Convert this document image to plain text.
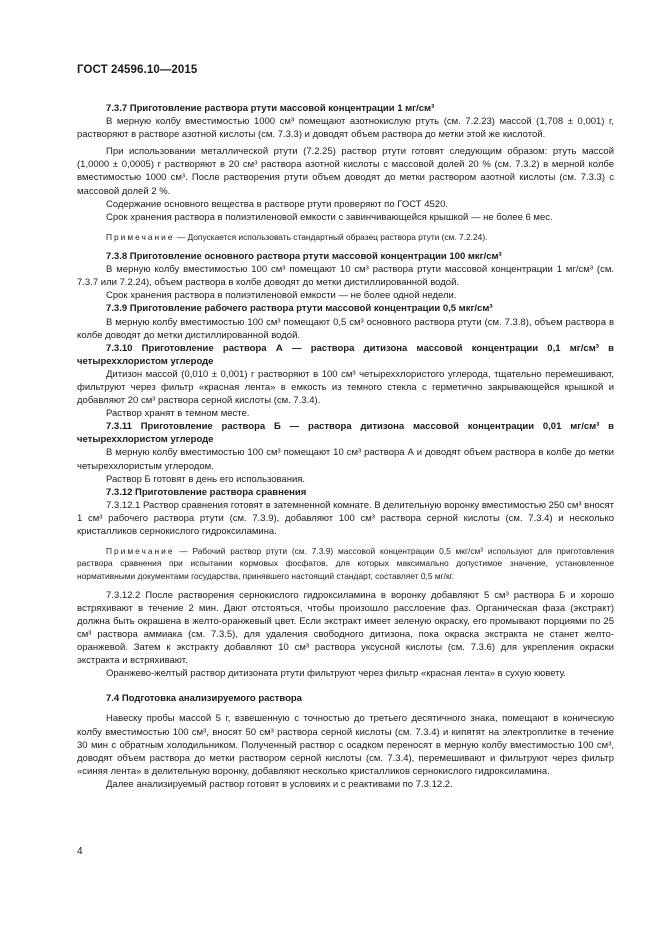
ГОСТ 24596.10—2015

7.3.7 Приготовление раствора ртути массовой концентрации 1 мг/см³

В мерную колбу вместимостью 1000 см³ помещают азотнокислую ртуть (см. 7.2.23) массой (1,708 ± 0,001) г, растворяют в растворе азотной кислоты (см. 7.3.3) и доводят объем раствора до метки этой же кислотой.

При использовании металлической ртути (7.2.25) раствор ртути готовят следующим образом: ртуть массой (1,0000 ± 0,0005) г растворяют в 20 см³ раствора азотной кислоты с массовой долей 20 % (см. 7.3.2) в мерной колбе вместимостью 1000 см³. После растворения ртути объем доводят до метки раствором азотной кислоты (см. 7.3.3) с массовой долей 2 %.

Содержание основного вещества в растворе ртути проверяют по ГОСТ 4520.

Срок хранения раствора в полиэтиленовой емкости с завинчивающейся крышкой — не более 6 мес.

Примечание — Допускается использовать стандартный образец раствора ртути (см. 7.2.24).

7.3.8 Приготовление основного раствора ртути массовой концентрации 100 мкг/см³

В мерную колбу вместимостью 100 см³ помещают 10 см³ раствора ртути массовой концентрации 1 мг/см³ (см. 7.3.7 или 7.2.24), объем раствора в колбе доводят до метки дистиллированной водой.

Срок хранения раствора в полиэтиленовой емкости — не более одной недели.

7.3.9 Приготовление рабочего раствора ртути массовой концентрации 0,5 мкг/см³

В мерную колбу вместимостью 100 см³ помещают 0,5 см³ основного раствора ртути (см. 7.3.8), объем раствора в колбе доводят до метки дистиллированной водой.

7.3.10 Приготовление раствора А — раствора дитизона массовой концентрации 0,1 мг/см³ в четыреххлористом углероде

Дитизон массой (0,010 ± 0,001) г растворяют в 100 см³ четыреххлористого углерода, тщательно перемешивают, фильтруют через фильтр «красная лента» в емкость из темного стекла с герметично закрывающейся крышкой и добавляют 20 см³ раствора серной кислоты (см. 7.3.4).

Раствор хранят в темном месте.

7.3.11 Приготовление раствора Б — раствора дитизона массовой концентрации 0,01 мг/см³ в четыреххлористом углероде

В мерную колбу вместимостью 100 см³ помещают 10 см³ раствора А и доводят объем раствора в колбе до метки четыреххлористым углеродом.

Раствор Б готовят в день его использования.

7.3.12 Приготовление раствора сравнения

7.3.12.1 Раствор сравнения готовят в затемненной комнате. В делительную воронку вместимостью 250 см³ вносят 1 см³ рабочего раствора ртути (см. 7.3.9), добавляют 100 см³ раствора серной кислоты (см. 7.3.4) и несколько кристалликов сернокислого гидроксиламина.

Примечание — Рабочий раствор ртути (см. 7.3.9) массовой концентрации 0,5 мкг/см³ используют для приготовления раствора сравнения при испытании кормовых фосфатов, для которых максимально допустимое значение, установленное нормативными документами государства, принявшего настоящий стандарт, составляет 0,5 мг/кг.

7.3.12.2 После растворения сернокислого гидроксиламина в воронку добавляют 5 см³ раствора Б и хорошо встряхивают в течение 2 мин. Дают отстояться, чтобы произошло расслоение фаз. Органическая фаза (экстракт) должна быть окрашена в желто-оранжевый цвет. Если экстракт имеет зеленую окраску, его промывают порциями по 25 см³ раствора аммиака (см. 7.3.5), для удаления свободного дитизона, пока окраска экстракта не станет желто-оранжевой. Затем к экстракту добавляют 10 см³ раствора уксусной кислоты (см. 7.3.6) для укрепления окраски экстракта и встряхивают.

Оранжево-желтый раствор дитизоната ртути фильтруют через фильтр «красная лента» в сухую кювету.

7.4 Подготовка анализируемого раствора

Навеску пробы массой 5 г, взвешенную с точностью до третьего десятичного знака, помещают в коническую колбу вместимостью 100 см³, вносят 50 см³ раствора серной кислоты (см. 7.3.4) и кипятят на электроплитке в течение 30 мин с обратным холодильником. Полученный раствор с осадком переносят в мерную колбу вместимостью 100 см³, доводят объем раствора до метки раствором серной кислоты (см. 7.3.4), перемешивают и фильтруют через фильтр «синяя лента» в делительную воронку, добавляют несколько кристалликов сернокислого гидроксиламина.

Далее анализируемый раствор готовят в условиях и с реактивами по 7.3.12.2.

4
